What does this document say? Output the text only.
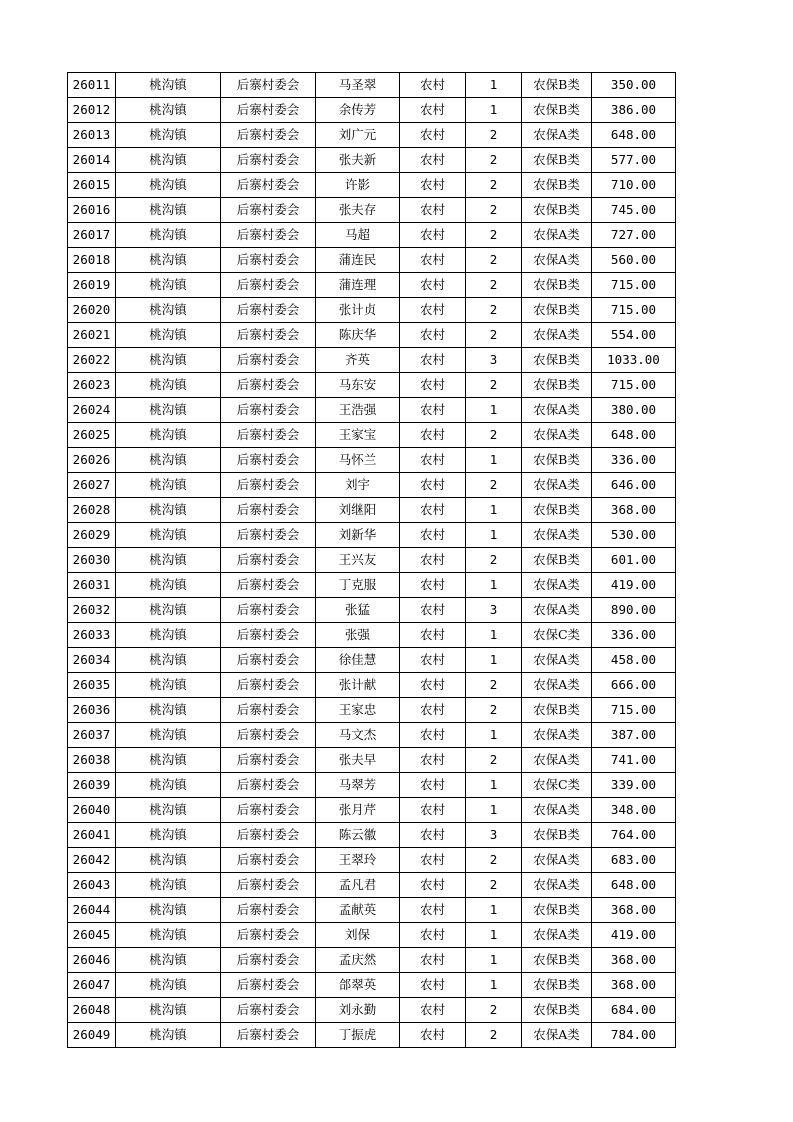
26011	桃沟镇	后寨村委会	马圣翠	农村	1	农保B类	350.00
26012	桃沟镇	后寨村委会	余传芳	农村	1	农保B类	386.00
26013	桃沟镇	后寨村委会	刘广元	农村	2	农保A类	648.00
26014	桃沟镇	后寨村委会	张夫新	农村	2	农保B类	577.00
26015	桃沟镇	后寨村委会	许影	农村	2	农保B类	710.00
26016	桃沟镇	后寨村委会	张夫存	农村	2	农保B类	745.00
26017	桃沟镇	后寨村委会	马超	农村	2	农保A类	727.00
26018	桃沟镇	后寨村委会	蒲连民	农村	2	农保A类	560.00
26019	桃沟镇	后寨村委会	蒲连理	农村	2	农保B类	715.00
26020	桃沟镇	后寨村委会	张计贞	农村	2	农保B类	715.00
26021	桃沟镇	后寨村委会	陈庆华	农村	2	农保A类	554.00
26022	桃沟镇	后寨村委会	齐英	农村	3	农保B类	1033.00
26023	桃沟镇	后寨村委会	马东安	农村	2	农保B类	715.00
26024	桃沟镇	后寨村委会	王浩强	农村	1	农保A类	380.00
26025	桃沟镇	后寨村委会	王家宝	农村	2	农保A类	648.00
26026	桃沟镇	后寨村委会	马怀兰	农村	1	农保B类	336.00
26027	桃沟镇	后寨村委会	刘宇	农村	2	农保A类	646.00
26028	桃沟镇	后寨村委会	刘继阳	农村	1	农保B类	368.00
26029	桃沟镇	后寨村委会	刘新华	农村	1	农保A类	530.00
26030	桃沟镇	后寨村委会	王兴友	农村	2	农保B类	601.00
26031	桃沟镇	后寨村委会	丁克服	农村	1	农保A类	419.00
26032	桃沟镇	后寨村委会	张猛	农村	3	农保A类	890.00
26033	桃沟镇	后寨村委会	张强	农村	1	农保C类	336.00
26034	桃沟镇	后寨村委会	徐佳慧	农村	1	农保A类	458.00
26035	桃沟镇	后寨村委会	张计献	农村	2	农保A类	666.00
26036	桃沟镇	后寨村委会	王家忠	农村	2	农保B类	715.00
26037	桃沟镇	后寨村委会	马文杰	农村	1	农保A类	387.00
26038	桃沟镇	后寨村委会	张夫早	农村	2	农保A类	741.00
26039	桃沟镇	后寨村委会	马翠芳	农村	1	农保C类	339.00
26040	桃沟镇	后寨村委会	张月芹	农村	1	农保A类	348.00
26041	桃沟镇	后寨村委会	陈云徽	农村	3	农保B类	764.00
26042	桃沟镇	后寨村委会	王翠玲	农村	2	农保A类	683.00
26043	桃沟镇	后寨村委会	孟凡君	农村	2	农保A类	648.00
26044	桃沟镇	后寨村委会	孟献英	农村	1	农保B类	368.00
26045	桃沟镇	后寨村委会	刘保	农村	1	农保A类	419.00
26046	桃沟镇	后寨村委会	孟庆然	农村	1	农保B类	368.00
26047	桃沟镇	后寨村委会	郃翠英	农村	1	农保B类	368.00
26048	桃沟镇	后寨村委会	刘永勤	农村	2	农保B类	684.00
26049	桃沟镇	后寨村委会	丁振虎	农村	2	农保A类	784.00
